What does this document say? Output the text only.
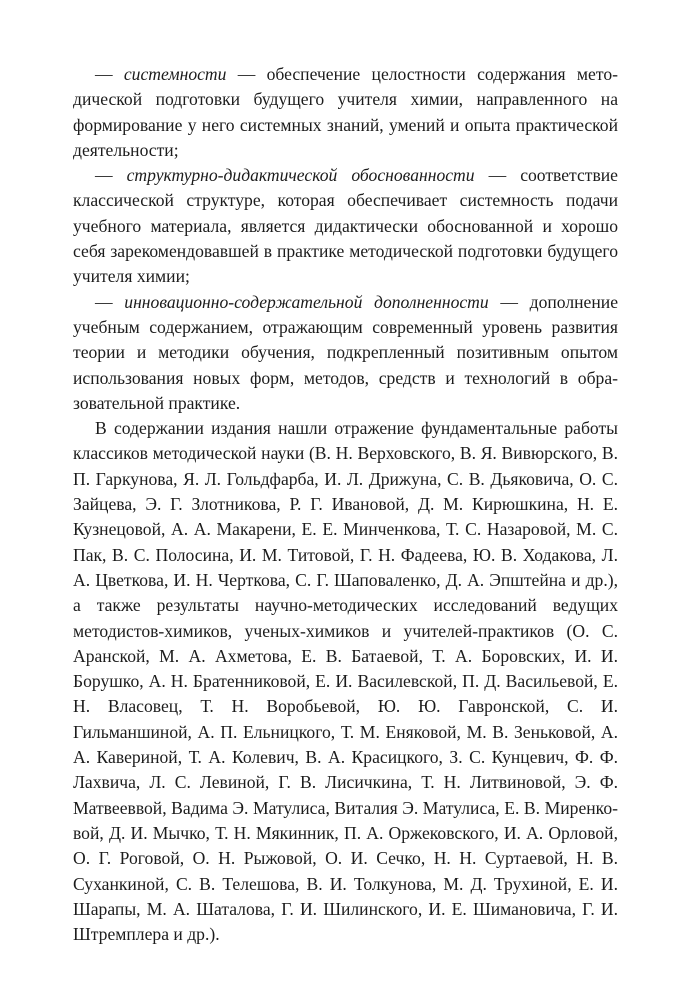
— системности — обеспечение целостности содержания методической подготовки будущего учителя химии, направленного на формирование у него системных знаний, умений и опыта практической деятельности;

— структурно-дидактической обоснованности — соответствие классической структуре, которая обеспечивает системность подачи учебного материала, является дидактически обоснованной и хорошо себя зарекомендовавшей в практике методической подготовки будущего учителя химии;

— инновационно-содержательной дополненности — дополнение учебным содержанием, отражающим современный уровень развития теории и методики обучения, подкрепленный позитивным опытом использования новых форм, методов, средств и технологий в образовательной практике.

В содержании издания нашли отражение фундаментальные работы классиков методической науки (В. Н. Верховского, В. Я. Вивюрского, В. П. Гаркунова, Я. Л. Гольдфарба, И. Л. Дрижуна, С. В. Дьяковича, О. С. Зайцева, Э. Г. Злотникова, Р. Г. Ивановой, Д. М. Кирюшкина, Н. Е. Кузнецовой, А. А. Макарени, Е. Е. Минченкова, Т. С. Назаровой, М. С. Пак, В. С. Полосина, И. М. Титовой, Г. Н. Фадеева, Ю. В. Ходакова, Л. А. Цветкова, И. Н. Черткова, С. Г. Шаповаленко, Д. А. Эпштейна и др.), а также результаты научно-методических исследований ведущих методистов-химиков, ученых-химиков и учителей-практиков (О. С. Аранской, М. А. Ахметова, Е. В. Батаевой, Т. А. Боровских, И. И. Борушко, А. Н. Братенниковой, Е. И. Василевской, П. Д. Васильевой, Е. Н. Власовец, Т. Н. Воробьевой, Ю. Ю. Гавронской, С. И. Гильманшиной, А. П. Ельницкого, Т. М. Еняковой, М. В. Зеньковой, А. А. Кавериной, Т. А. Колевич, В. А. Красицкого, З. С. Кунцевич, Ф. Ф. Лахвича, Л. С. Левиной, Г. В. Лисичкина, Т. Н. Литвиновой, Э. Ф. Матвееввой, Вадима Э. Матулиса, Виталия Э. Матулиса, Е. В. Миренковой, Д. И. Мычко, Т. Н. Мякинник, П. А. Оржековского, И. А. Орловой, О. Г. Роговой, О. Н. Рыжовой, О. И. Сечко, Н. Н. Суртаевой, Н. В. Суханкиной, С. В. Телешова, В. И. Толкунова, М. Д. Трухиной, Е. И. Шарапы, М. А. Шаталова, Г. И. Шилинского, И. Е. Шимановича, Г. И. Штремплера и др.).
